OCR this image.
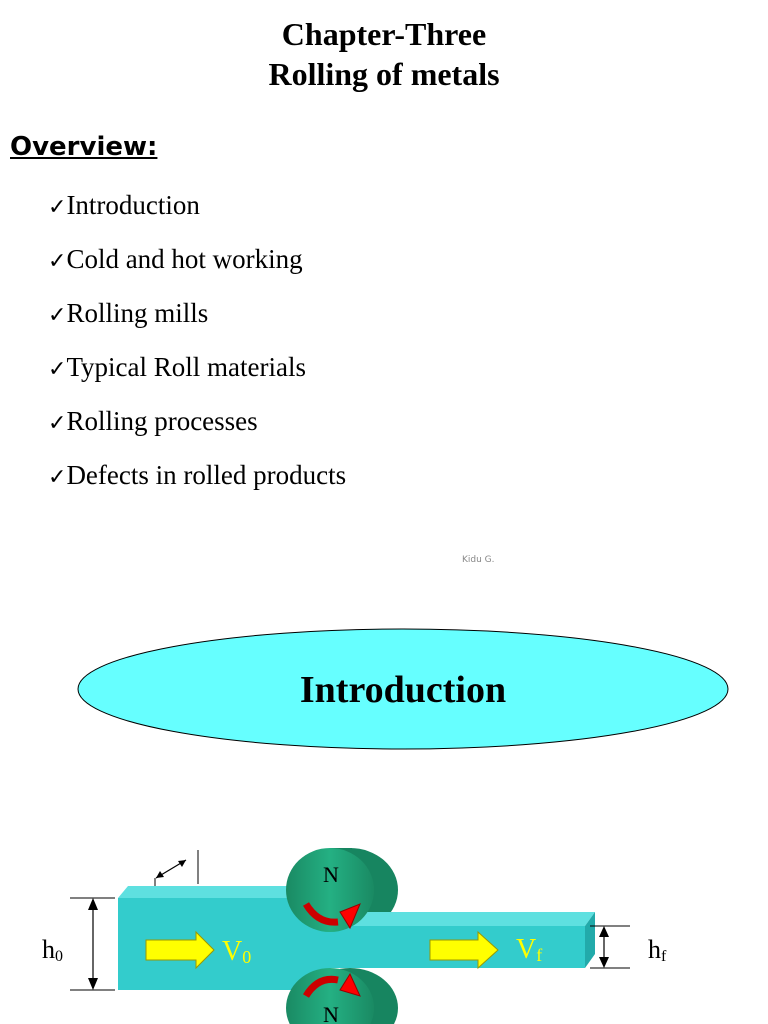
Chapter-Three
Rolling of metals
Overview:
✓Introduction
✓Cold and hot working
✓Rolling mills
✓Typical Roll materials
✓Rolling processes
✓Defects in rolled products
Kidu G.
Introduction
N
N
V0	Vf
h0	hf
